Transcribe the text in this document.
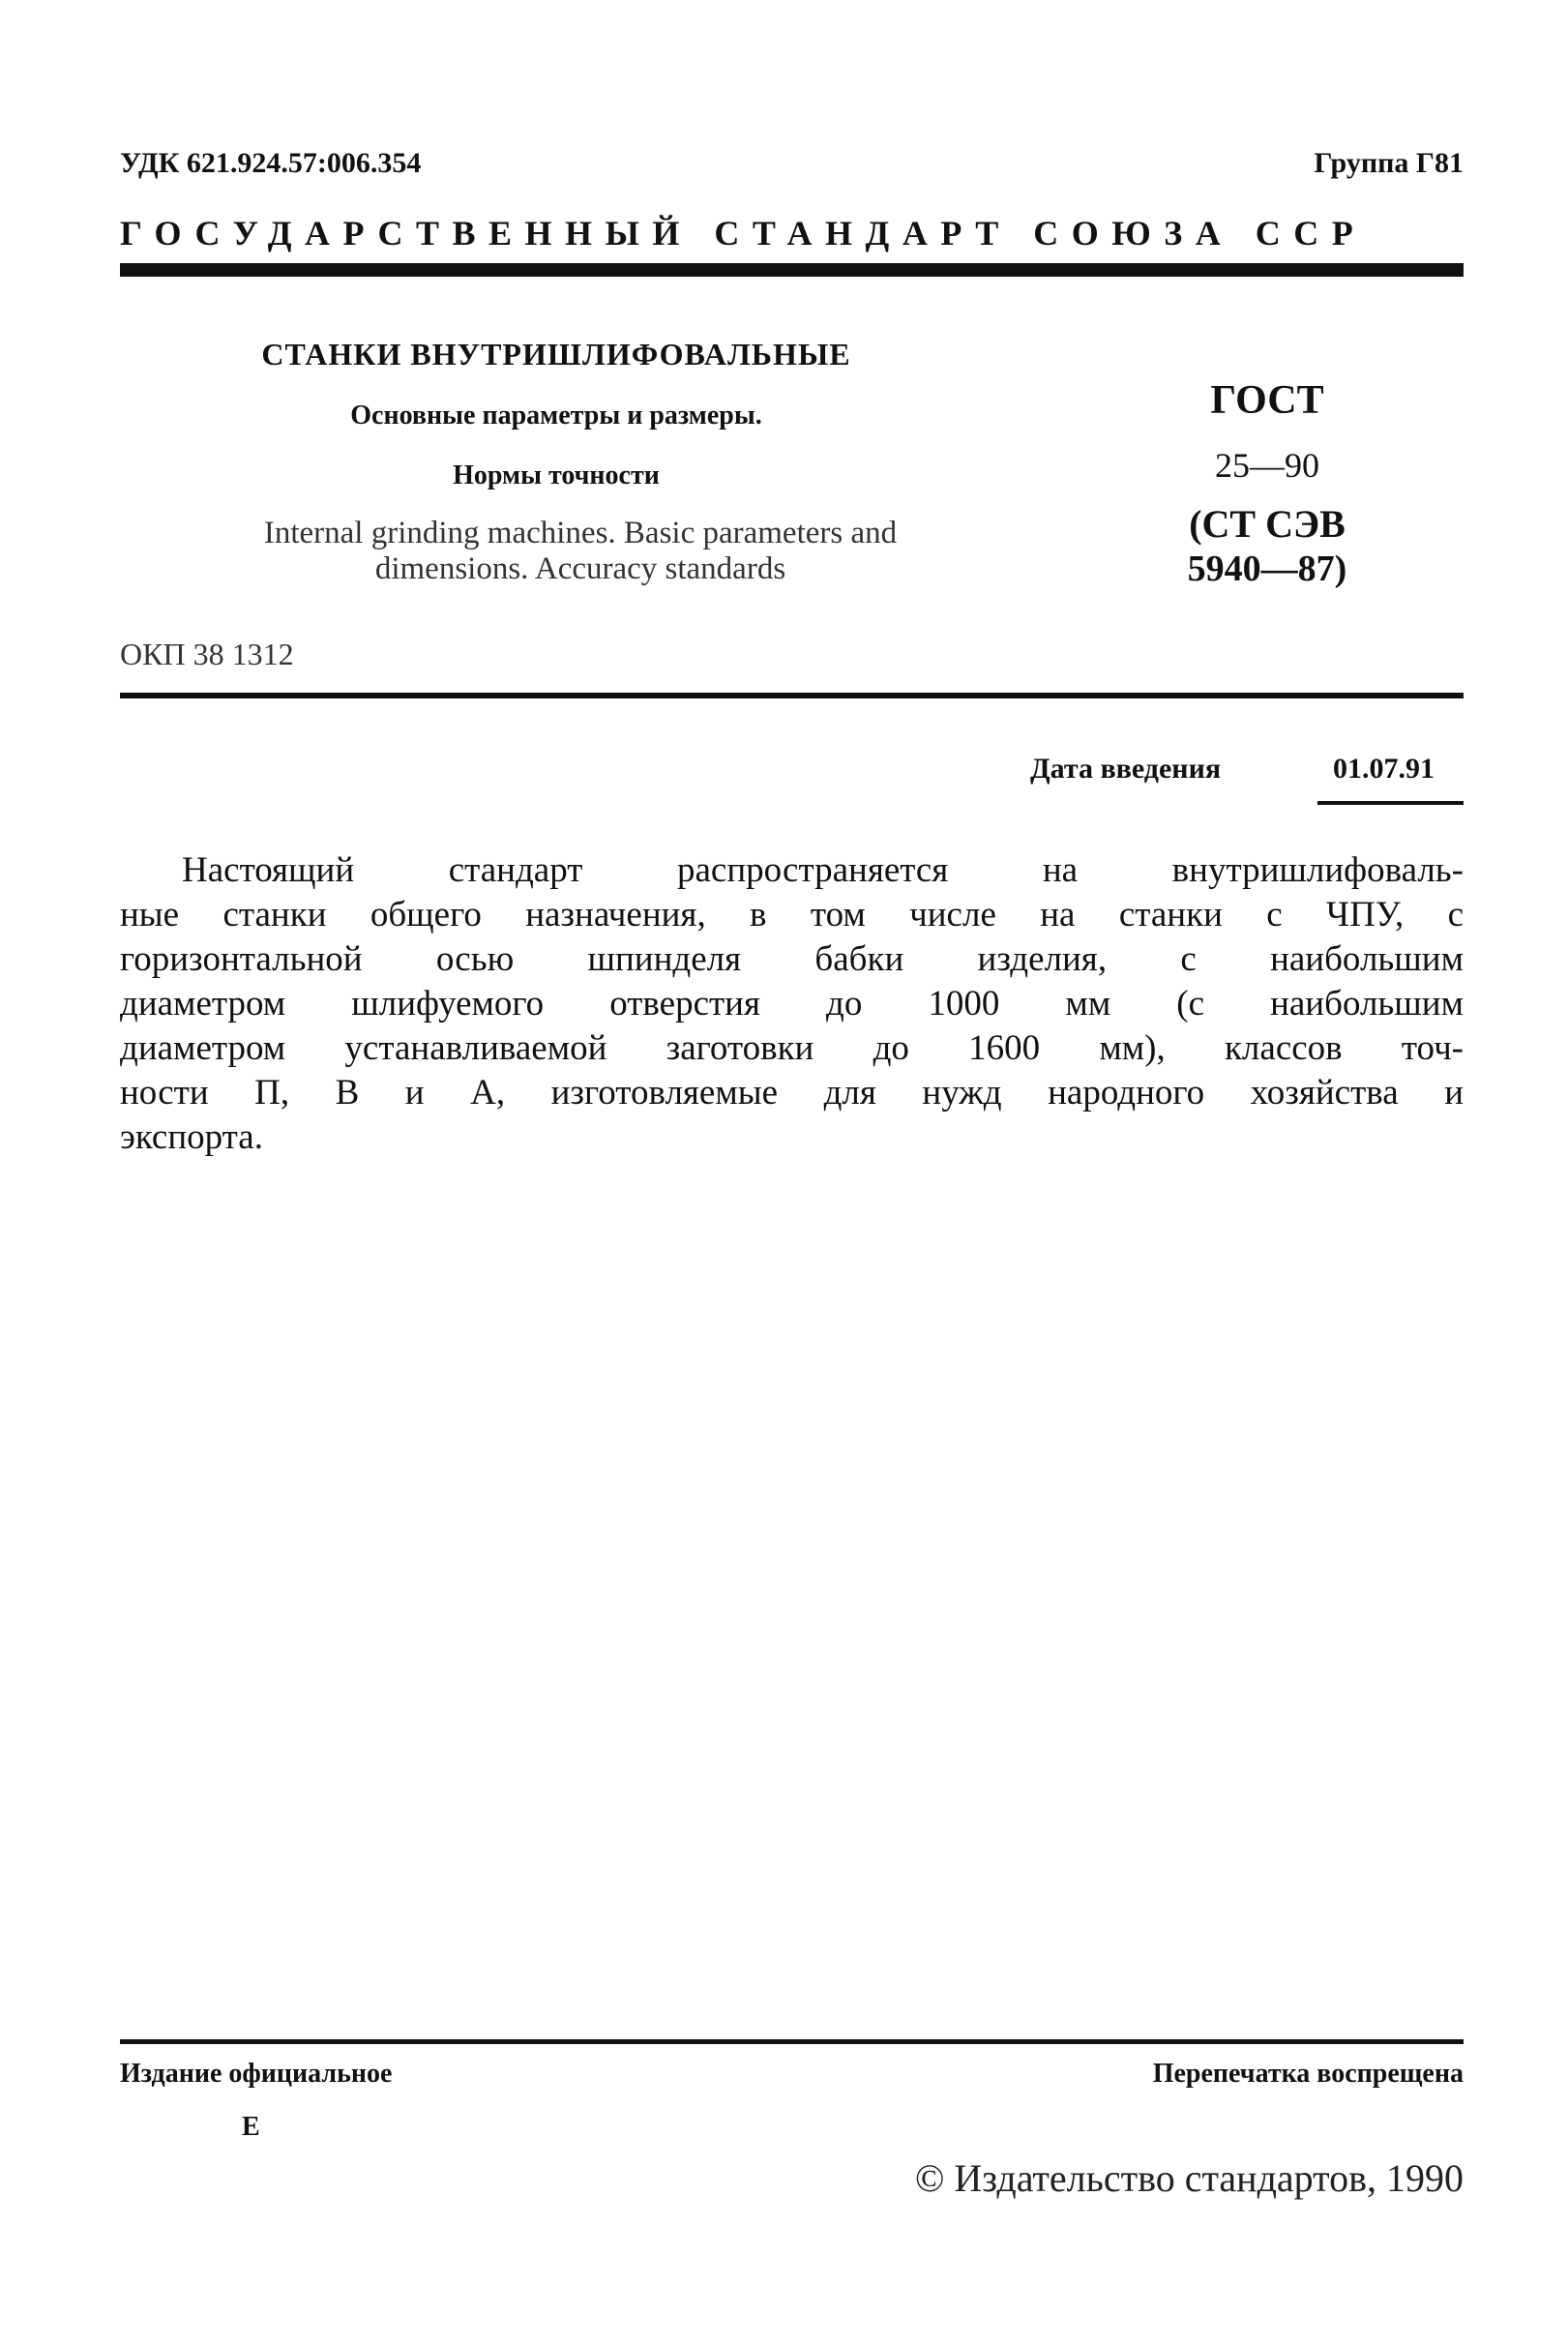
УДК 621.924.57:006.354	Группа Г81
ГОСУДАРСТВЕННЫЙ СТАНДАРТ СОЮЗА ССР
СТАНКИ ВНУТРИШЛИФОВАЛЬНЫЕ
Основные параметры и размеры.
Нормы точности
Internal grinding machines. Basic parameters and
dimensions. Accuracy standards
ГОСТ
25—90
(СТ СЭВ
5940—87)
ОКП 38 1312
Дата введения	01.07.91
Настоящий стандарт распространяется на внутришлифоваль-
ные станки общего назначения, в том числе на станки с ЧПУ, с
горизонтальной осью шпинделя бабки изделия, с наибольшим
диаметром шлифуемого отверстия до 1000 мм (с наибольшим
диаметром устанавливаемой заготовки до 1600 мм), классов точ-
ности П, В и А, изготовляемые для нужд народного хозяйства и
экспорта.
Издание официальное	Перепечатка воспрещена
Е
© Издательство стандартов, 1990
